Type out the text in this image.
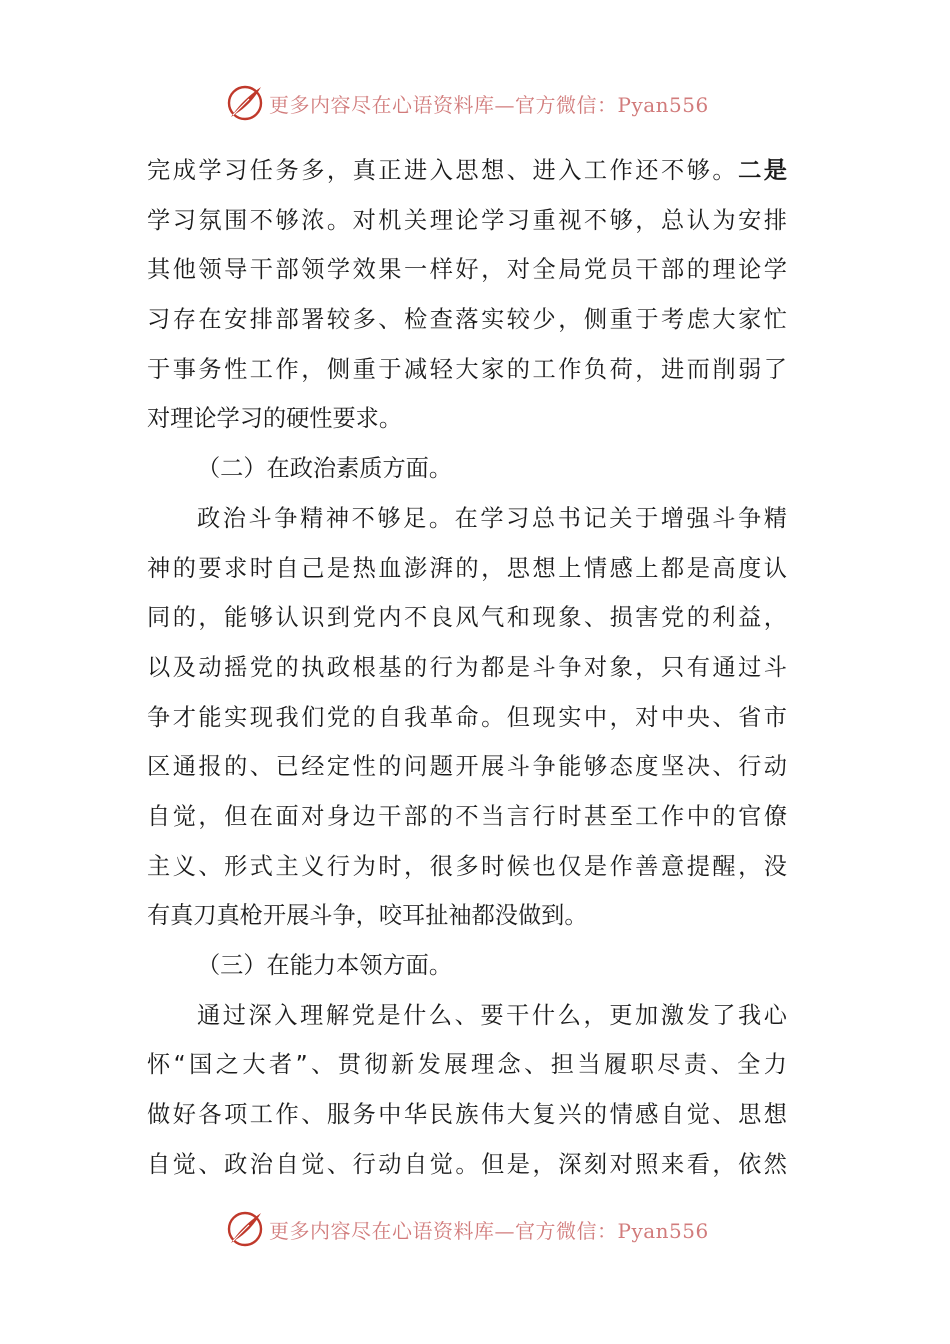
更多内容尽在心语资料库—官方微信：Pyan556
完成学习任务多，真正进入思想、进入工作还不够。二是
学习氛围不够浓。对机关理论学习重视不够，总认为安排
其他领导干部领学效果一样好，对全局党员干部的理论学
习存在安排部署较多、检查落实较少，侧重于考虑大家忙
于事务性工作，侧重于减轻大家的工作负荷，进而削弱了
对理论学习的硬性要求。
（二）在政治素质方面。
政治斗争精神不够足。在学习总书记关于增强斗争精
神的要求时自己是热血澎湃的，思想上情感上都是高度认
同的，能够认识到党内不良风气和现象、损害党的利益，
以及动摇党的执政根基的行为都是斗争对象，只有通过斗
争才能实现我们党的自我革命。但现实中，对中央、省市
区通报的、已经定性的问题开展斗争能够态度坚决、行动
自觉，但在面对身边干部的不当言行时甚至工作中的官僚
主义、形式主义行为时，很多时候也仅是作善意提醒，没
有真刀真枪开展斗争，咬耳扯袖都没做到。
（三）在能力本领方面。
通过深入理解党是什么、要干什么，更加激发了我心
怀“国之大者”、贯彻新发展理念、担当履职尽责、全力
做好各项工作、服务中华民族伟大复兴的情感自觉、思想
自觉、政治自觉、行动自觉。但是，深刻对照来看，依然
更多内容尽在心语资料库—官方微信：Pyan556
